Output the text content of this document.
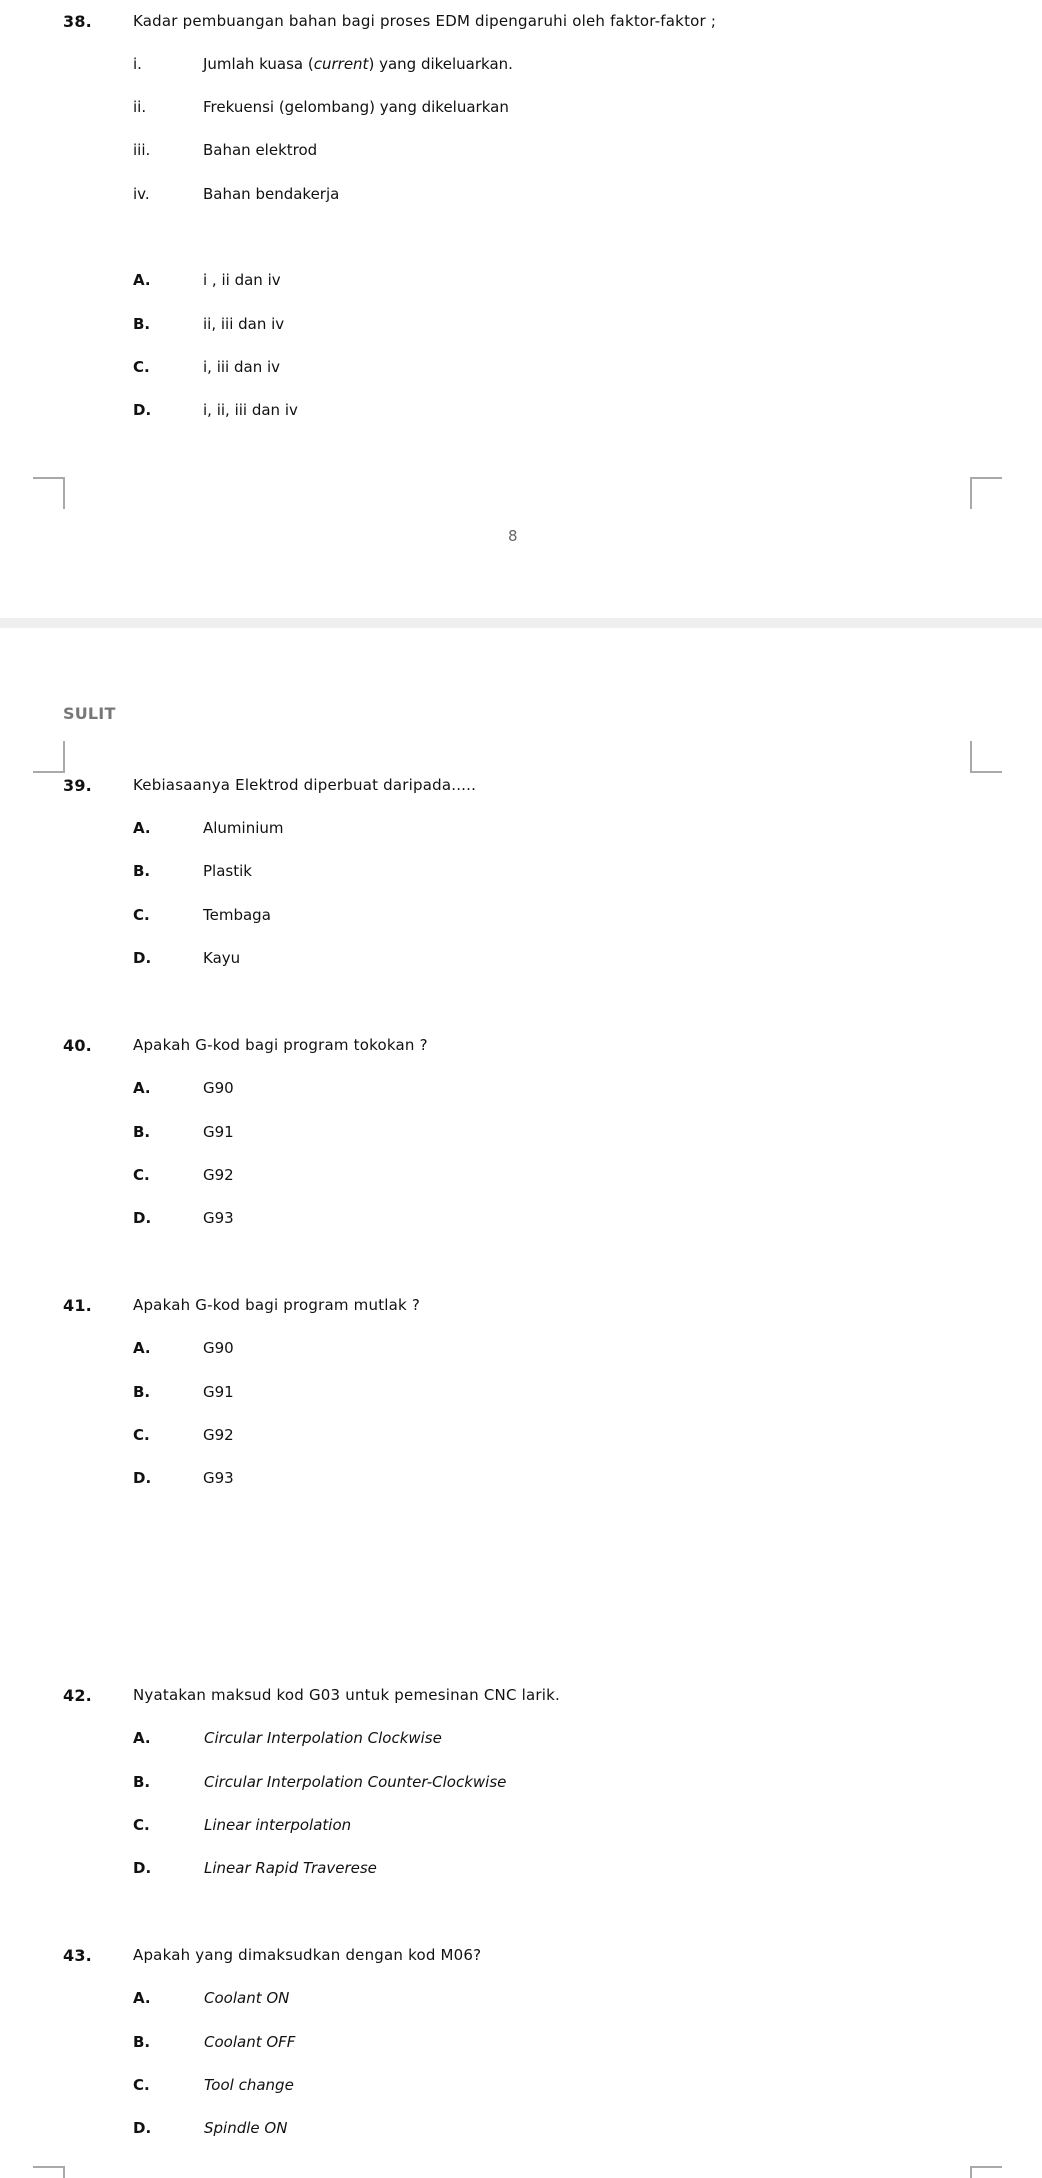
38.	Kadar pembuangan bahan bagi proses EDM dipengaruhi oleh faktor-faktor ;
i.	Jumlah kuasa (current) yang dikeluarkan.
ii.	Frekuensi (gelombang) yang dikeluarkan
iii.	Bahan elektrod
iv.	Bahan bendakerja
A.	i , ii dan iv
B.	ii, iii dan iv
C.	i, iii dan iv
D.	i, ii, iii dan iv
8
SULIT
39.	Kebiasaanya Elektrod diperbuat daripada.....
A.	Aluminium
B.	Plastik
C.	Tembaga
D.	Kayu
40.	Apakah G-kod bagi program tokokan ?
A.	G90
B.	G91
C.	G92
D.	G93
41.	Apakah G-kod bagi program mutlak ?
A.	G90
B.	G91
C.	G92
D.	G93
42.	Nyatakan maksud kod G03 untuk pemesinan CNC larik.
A.	Circular Interpolation Clockwise
B.	Circular Interpolation Counter-Clockwise
C.	Linear interpolation
D.	Linear Rapid Traverese
43.	Apakah yang dimaksudkan dengan kod M06?
A.	Coolant ON
B.	Coolant OFF
C.	Tool change
D.	Spindle ON
